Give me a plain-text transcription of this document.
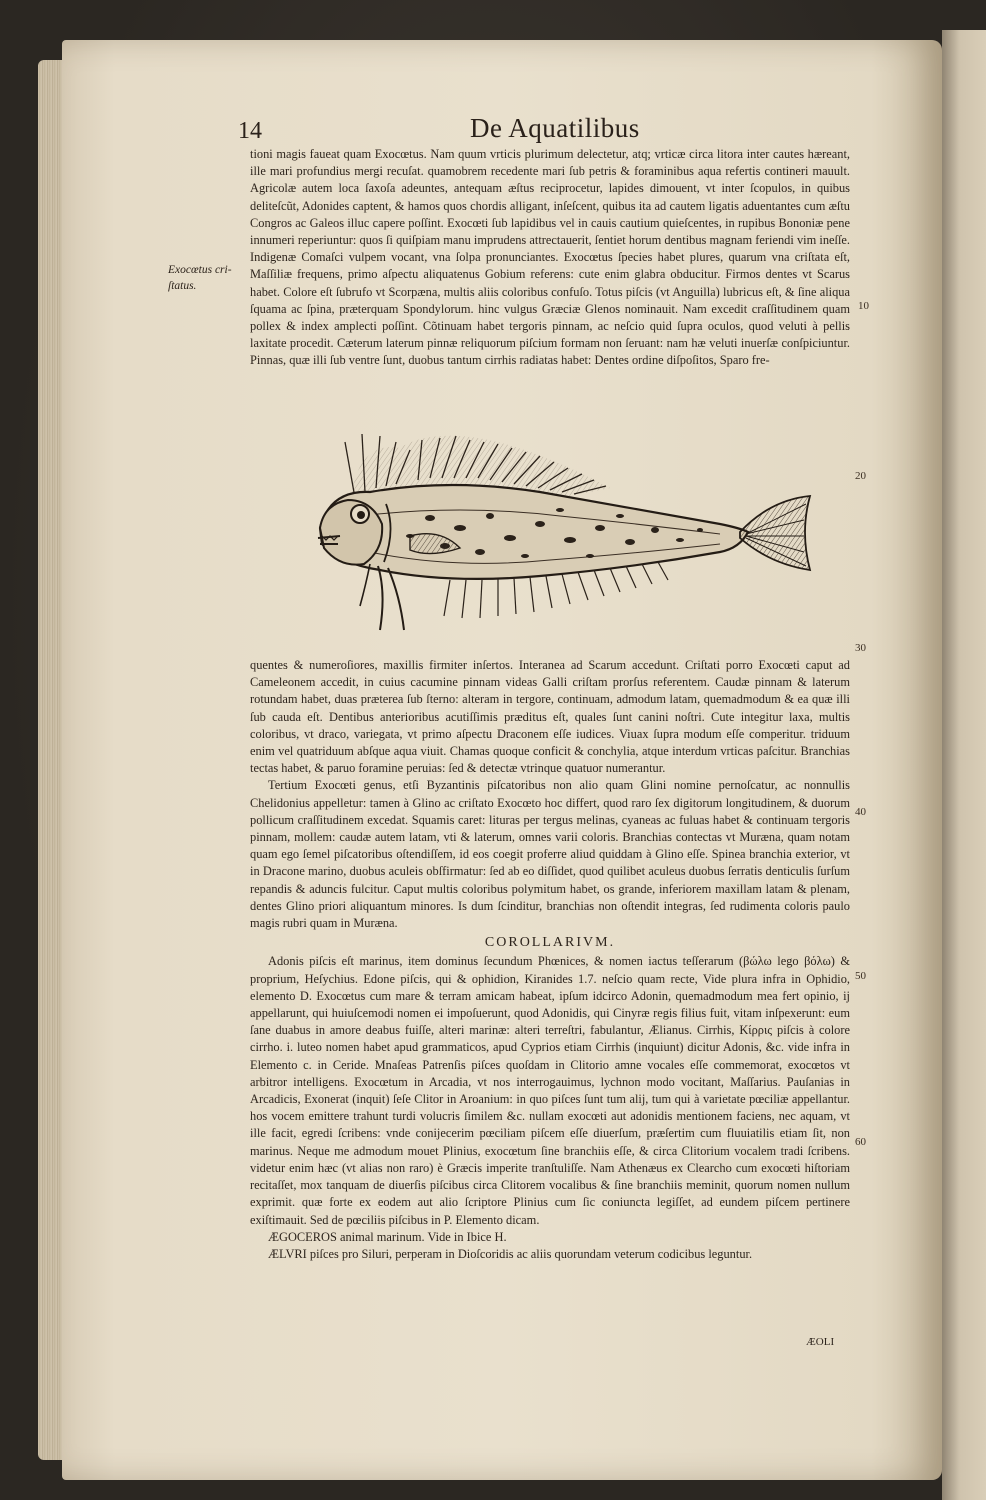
14	De Aquatilibus
Exocœtus cri-
ſtatus.

tioni magis faueat quam Exocœtus. Nam quum vrticis plurimum delectetur, atq; vrticæ circa litora inter cautes hæreant, ille mari profundius mergi recuſat. quamobrem recedente mari ſub petris & foraminibus aqua refertis contineri mauult. Agricolæ autem loca ſaxoſa adeuntes, antequam æſtus reciprocetur, lapides dimouent, vt inter ſcopulos, in quibus deliteſcũt, Adonides captent, & hamos quos chordis alligant, inſeſcent, quibus ita ad cautem ligatis aduentantes cum æſtu Congros ac Galeos illuc capere poſſint. Exocœti ſub lapidibus vel in cauis cautium quieſcentes, in rupibus Bononiæ pene innumeri reperiuntur: quos ſi quiſpiam manu imprudens attrectauerit, ſentiet horum dentibus magnam feriendi vim ineſſe. Indigenæ Comaſci vulpem vocant, vna ſolpa pronunciantes. Exocœtus ſpecies habet plures, quarum vna criſtata eſt, Maſſiliæ frequens, primo aſpectu aliquatenus Gobium referens: cute enim glabra obducitur. Firmos dentes vt Scarus habet. Colore eſt ſubrufo vt Scorpæna, multis aliis coloribus confuſo. Totus piſcis (vt Anguilla) lubricus eſt, & ſine aliqua ſquama ac ſpina, præterquam Spondylorum. hinc vulgus Græciæ Glenos nominauit. Nam excedit craſſitudinem quam pollex & index amplecti poſſint. Cõtinuam habet tergoris pinnam, ac neſcio quid ſupra oculos, quod veluti à pellis laxitate procedit. Cæterum laterum pinnæ reliquorum piſcium formam non ſeruant: nam hæ veluti inuerſæ conſpiciuntur. Pinnas, quæ illi ſub ventre ſunt, duobus tantum cirrhis radiatas habet: Dentes ordine diſpoſitos, Sparo fre-

quentes & numeroſiores, maxillis firmiter inſertos. Interanea ad Scarum accedunt. Criſtati porro Exocœti caput ad Cameleonem accedit, in cuius cacumine pinnam videas Galli criſtam prorſus referentem. Caudæ pinnam & laterum rotundam habet, duas præterea ſub ſterno: alteram in tergore, continuam, admodum latam, quemadmodum & ea quæ illi ſub cauda eſt. Dentibus anterioribus acutiſſimis præditus eſt, quales ſunt canini noſtri. Cute integitur laxa, multis coloribus, vt draco, variegata, vt primo aſpectu Draconem eſſe iudices. Viuax ſupra modum eſſe comperitur. triduum enim vel quatriduum abſque aqua viuit. Chamas quoque conficit & conchylia, atque interdum vrticas paſcitur. Branchias tectas habet, & paruo foramine peruias: ſed & detectæ vtrinque quatuor numerantur.

Tertium Exocœti genus, etſi Byzantinis piſcatoribus non alio quam Glini nomine pernoſcatur, ac nonnullis Chelidonius appelletur: tamen à Glino ac criſtato Exocœto hoc differt, quod raro ſex digitorum longitudinem, & duorum pollicum craſſitudinem excedat. Squamis caret: lituras per tergus melinas, cyaneas ac fuluas habet & continuam tergoris pinnam, mollem: caudæ autem latam, vti & laterum, omnes varii coloris. Branchias contectas vt Muræna, quam notam quam ego ſemel piſcatoribus oſtendiſſem, id eos coegit proferre aliud quiddam à Glino eſſe. Spinea branchia exterior, vt in Dracone marino, duobus aculeis obſfirmatur: ſed ab eo diſſidet, quod quilibet aculeus duobus ſerratis denticulis ſurſum repandis & aduncis fulcitur. Caput multis coloribus polymitum habet, os grande, inferiorem maxillam latam & plenam, dentes Glino priori aliquantum minores. Is dum ſcinditur, branchias non oſtendit integras, ſed rudimenta coloris paulo magis rubri quam in Muræna.

COROLLARIVM.

Adonis piſcis eſt marinus, item dominus ſecundum Phœnices, & nomen iactus teſſerarum (βώλω lego βόλω) & proprium, Heſychius. Edone piſcis, qui & ophidion, Kiranides 1.7. neſcio quam recte, Vide plura infra in Ophidio, elemento D. Exocœtus cum mare & terram amicam habeat, ipſum idcirco Adonin, quemadmodum mea fert opinio, ij appellarunt, qui huiuſcemodi nomen ei impoſuerunt, quod Adonidis, qui Cinyræ regis filius fuit, vitam inſpexerunt: eum ſane duabus in amore deabus fuiſſe, alteri marinæ: alteri terreſtri, fabulantur, Ælianus. Cirrhis, Κίρρις piſcis à colore cirrho. i. luteo nomen habet apud grammaticos, apud Cyprios etiam Cirrhis (inquiunt) dicitur Adonis, &c. vide infra in Elemento c. in Ceride. Mnaſeas Patrenſis piſces quoſdam in Clitorio amne vocales eſſe commemorat, exocœtos vt arbitror intelligens. Exocœtum in Arcadia, vt nos interrogauimus, lychnon modo vocitant, Maſſarius. Pauſanias in Arcadicis, Exonerat (inquit) ſeſe Clitor in Aroanium: in quo piſces ſunt tum alij, tum qui à varietate pœciliæ appellantur. hos vocem emittere trahunt turdi volucris ſimilem &c. nullam exocœti aut adonidis mentionem faciens, nec aquam, vt ille facit, egredi ſcribens: vnde conijecerim pœciliam piſcem eſſe diuerſum, præſertim cum fluuiatilis etiam ſit, non marinus. Neque me admodum mouet Plinius, exocœtum ſine branchiis eſſe, & circa Clitorium vocalem tradi ſcribens. videtur enim hæc (vt alias non raro) è Græcis imperite tranſtuliſſe. Nam Athenæus ex Clearcho cum exocœti hiſtoriam recitaſſet, mox tanquam de diuerſis piſcibus circa Clitorem vocalibus & ſine branchiis meminit, quorum nomen nullum exprimit. quæ forte ex eodem aut alio ſcriptore Plinius cum ſic coniuncta legiſſet, ad eundem piſcem pertinere exiſtimauit. Sed de pœciliis piſcibus in P. Elemento dicam.

ÆGOCEROS animal marinum. Vide in Ibice H.

ÆLVRI piſces pro Siluri, perperam in Dioſcoridis ac aliis quorundam veterum codicibus leguntur.

10
20
30
40
50
60
ÆOLI
